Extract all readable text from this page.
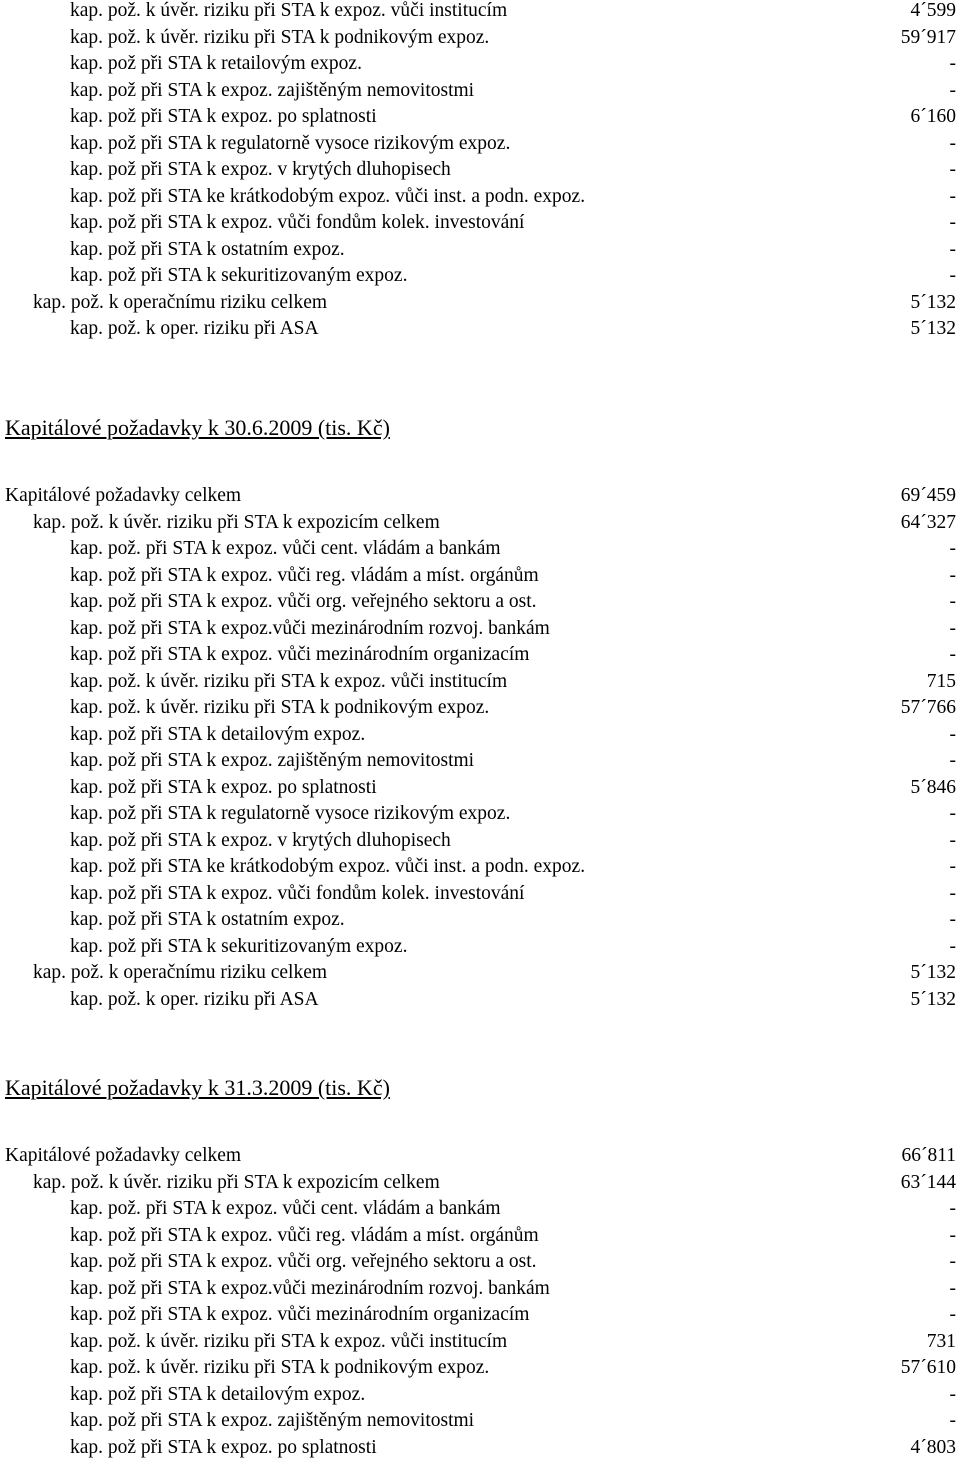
kap. pož. k úvěr. riziku při STA k expoz. vůči institucím	4´599
kap. pož. k úvěr. riziku při STA k podnikovým expoz.	59´917
kap. pož při STA k retailovým expoz.	-
kap. pož při STA k expoz. zajištěným nemovitostmi	-
kap. pož při STA k expoz. po splatnosti	6´160
kap. pož při STA k regulatorně vysoce rizikovým expoz.	-
kap. pož při STA k expoz. v krytých dluhopisech	-
kap. pož při STA ke krátkodobým expoz. vůči inst. a podn. expoz.	-
kap. pož při STA k expoz. vůči fondům kolek. investování	-
kap. pož při STA k ostatním expoz.	-
kap. pož při STA k sekuritizovaným expoz.	-
kap. pož. k operačnímu riziku celkem	5´132
kap. pož. k oper. riziku při ASA	5´132
Kapitálové požadavky k 30.6.2009 (tis. Kč)
Kapitálové požadavky celkem	69´459
kap. pož. k úvěr. riziku při STA k expozicím celkem	64´327
kap. pož. při STA k expoz. vůči cent. vládám a bankám	-
kap. pož při STA k expoz. vůči reg. vládám a míst. orgánům	-
kap. pož při STA k expoz. vůči org. veřejného sektoru a ost.	-
kap. pož při STA k expoz.vůči mezinárodním rozvoj. bankám	-
kap. pož při STA k expoz. vůči mezinárodním organizacím	-
kap. pož. k úvěr. riziku při STA k expoz. vůči institucím	715
kap. pož. k úvěr. riziku při STA k podnikovým expoz.	57´766
kap. pož při STA k detailovým expoz.	-
kap. pož při STA k expoz. zajištěným nemovitostmi	-
kap. pož při STA k expoz. po splatnosti	5´846
kap. pož při STA k regulatorně vysoce rizikovým expoz.	-
kap. pož při STA k expoz. v krytých dluhopisech	-
kap. pož při STA ke krátkodobým expoz. vůči inst. a podn. expoz.	-
kap. pož při STA k expoz. vůči fondům kolek. investování	-
kap. pož při STA k ostatním expoz.	-
kap. pož při STA k sekuritizovaným expoz.	-
kap. pož. k operačnímu riziku celkem	5´132
kap. pož. k oper. riziku při ASA	5´132
Kapitálové požadavky k 31.3.2009 (tis. Kč)
Kapitálové požadavky celkem	66´811
kap. pož. k úvěr. riziku při STA k expozicím celkem	63´144
kap. pož. při STA k expoz. vůči cent. vládám a bankám	-
kap. pož při STA k expoz. vůči reg. vládám a míst. orgánům	-
kap. pož při STA k expoz. vůči org. veřejného sektoru a ost.	-
kap. pož při STA k expoz.vůči mezinárodním rozvoj. bankám	-
kap. pož při STA k expoz. vůči mezinárodním organizacím	-
kap. pož. k úvěr. riziku při STA k expoz. vůči institucím	731
kap. pož. k úvěr. riziku při STA k podnikovým expoz.	57´610
kap. pož při STA k detailovým expoz.	-
kap. pož při STA k expoz. zajištěným nemovitostmi	-
kap. pož při STA k expoz. po splatnosti	4´803
